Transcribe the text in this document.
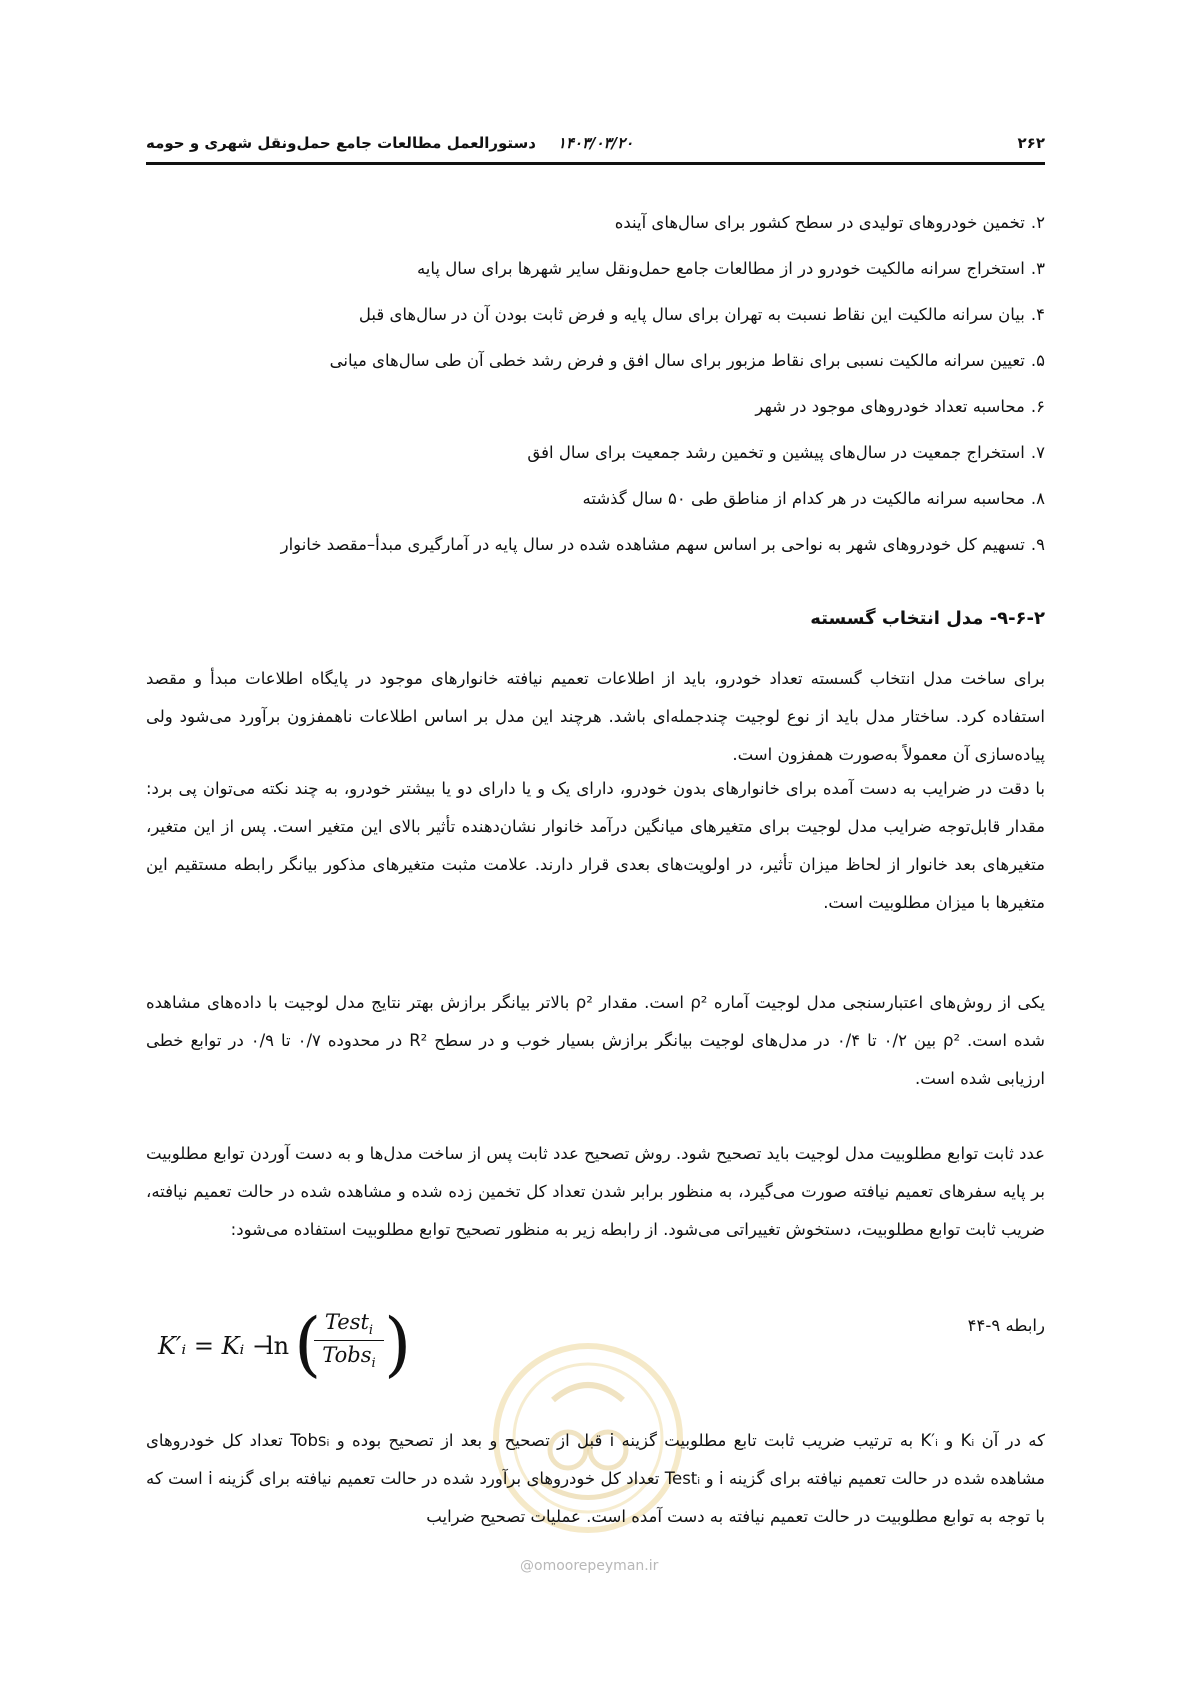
۲۶۲
۱۴۰۳/۰۳/۲۰
دستورالعمل مطالعات جامع حمل‌ونقل شهری و حومه
۲.تخمین خودروهای تولیدی در سطح کشور برای سال‌های آینده
۳.استخراج سرانه مالکیت خودرو در از مطالعات جامع حمل‌ونقل سایر شهرها برای سال پایه
۴.بیان سرانه مالکیت این نقاط نسبت به تهران برای سال پایه و فرض ثابت بودن آن در سال‌های قبل
۵.تعیین سرانه مالکیت نسبی برای نقاط مزبور برای سال افق و فرض رشد خطی آن طی سال‌های میانی
۶.محاسبه تعداد خودروهای موجود در شهر
۷.استخراج جمعیت در سال‌های پیشین و تخمین رشد جمعیت برای سال افق
۸.محاسبه سرانه مالکیت در هر کدام از مناطق طی ۵۰ سال گذشته
۹.تسهیم کل خودروهای شهر به نواحی بر اساس سهم مشاهده شده در سال پایه در آمارگیری مبدأ–مقصد خانوار
۹-۶-۲- مدل انتخاب گسسته

برای ساخت مدل انتخاب گسسته تعداد خودرو، باید از اطلاعات تعمیم نیافته خانوارهای موجود در پایگاه اطلاعات مبدأ و مقصد استفاده کرد. ساختار مدل باید از نوع لوجیت چندجمله‌ای باشد. هرچند این مدل بر اساس اطلاعات ناهمفزون برآورد می‌شود ولی پیاده‌سازی آن معمولاً به‌صورت همفزون است.

با دقت در ضرایب به دست آمده برای خانوارهای بدون خودرو، دارای یک و یا دارای دو یا بیشتر خودرو، به چند نکته می‌توان پی برد: مقدار قابل‌توجه ضرایب مدل لوجیت برای متغیرهای میانگین درآمد خانوار نشان‌دهنده تأثیر بالای این متغیر است. پس از این متغیر، متغیرهای بعد خانوار از لحاظ میزان تأثیر، در اولویت‌های بعدی قرار دارند. علامت مثبت متغیرهای مذکور بیانگر رابطه مستقیم این متغیرها با میزان مطلوبیت است.

یکی از روش‌های اعتبارسنجی مدل لوجیت آماره ρ² است. مقدار ρ² بالاتر بیانگر برازش بهتر نتایج مدل لوجیت با داده‌های مشاهده شده است. ρ² بین ۰/۲ تا ۰/۴ در مدل‌های لوجیت بیانگر برازش بسیار خوب و در سطح R² در محدوده ۰/۷ تا ۰/۹ در توابع خطی ارزیابی شده است.

عدد ثابت توابع مطلوبیت مدل لوجیت باید تصحیح شود. روش تصحیح عدد ثابت پس از ساخت مدل‌ها و به دست آوردن توابع مطلوبیت بر پایه سفرهای تعمیم نیافته صورت می‌گیرد، به منظور برابر شدن تعداد کل تخمین زده شده و مشاهده شده در حالت تعمیم نیافته، ضریب ثابت توابع مطلوبیت، دستخوش تغییراتی می‌شود. از رابطه زیر به منظور تصحیح توابع مطلوبیت استفاده می‌شود:

رابطه ۹-۴۴
@omoorepeyman.ir
K′ᵢ = Kᵢ −
ln ( Test$_i$
Tobs$_i$ )

که در آن Kᵢ و K′ᵢ به ترتیب ضریب ثابت تابع مطلوبیت گزینه i قبل از تصحیح و بعد از تصحیح بوده و Tobsᵢ تعداد کل خودروهای مشاهده شده در حالت تعمیم نیافته برای گزینه i و Testᵢ تعداد کل خودروهای برآورد شده در حالت تعمیم نیافته برای گزینه i است که با توجه به توابع مطلوبیت در حالت تعمیم نیافته به دست آمده است. عملیات تصحیح ضرایب
